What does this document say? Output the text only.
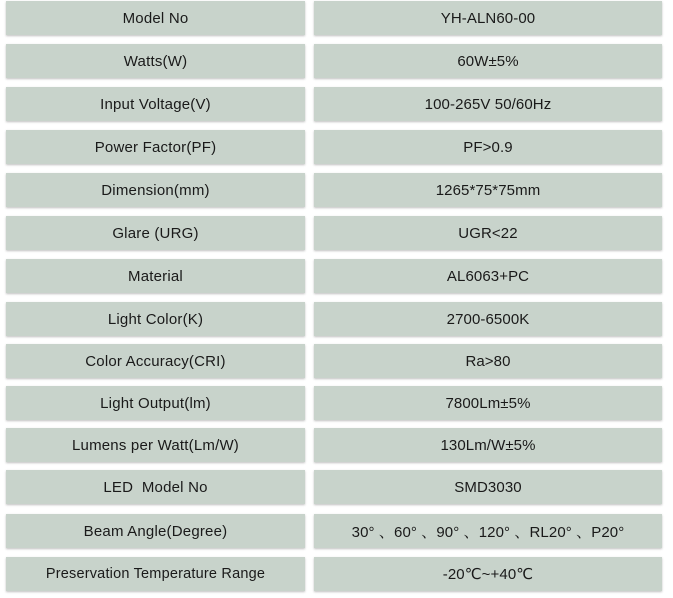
Model No	YH-ALN60-00
Watts(W)	60W±5%
Input Voltage(V)	100-265V 50/60Hz
Power Factor(PF)	PF>0.9
Dimension(mm)	1265*75*75mm
Glare (URG)	UGR<22
Material	AL6063+PC
Light Color(K)	2700-6500K
Color Accuracy(CRI)	Ra>80
Light Output(lm)	7800Lm±5%
Lumens per Watt(Lm/W)	130Lm/W±5%
LED  Model No	SMD3030
Beam Angle(Degree)	30° 、60° 、90° 、120° 、RL20° 、P20°
Preservation Temperature Range	-20℃~+40℃
